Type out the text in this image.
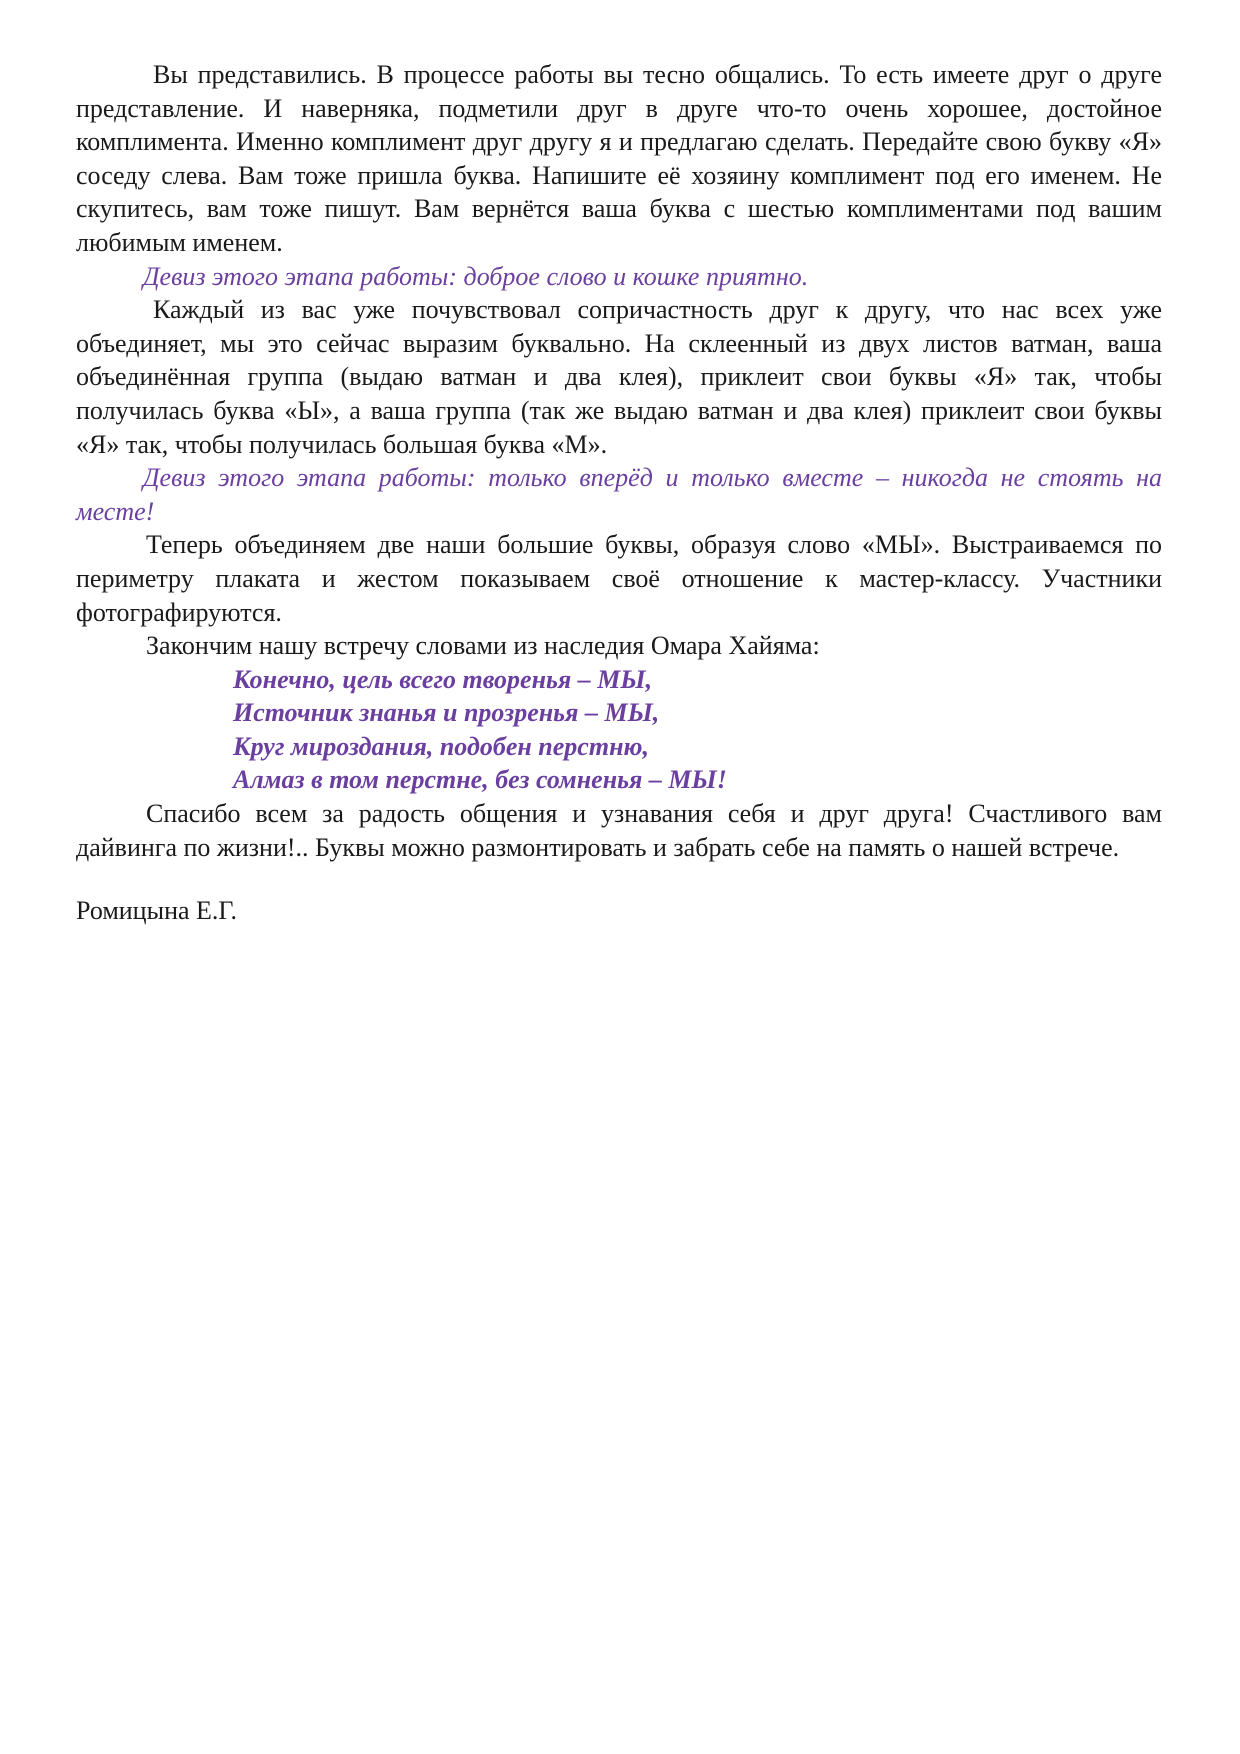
Вы представились. В процессе работы вы тесно общались. То есть имеете друг о друге представление. И наверняка, подметили друг в друге что-то очень хорошее, достойное комплимента. Именно комплимент друг другу я и предлагаю сделать. Передайте свою букву «Я» соседу слева. Вам тоже пришла буква. Напишите её хозяину комплимент под его именем. Не скупитесь, вам тоже пишут. Вам вернётся ваша буква с шестью комплиментами под вашим любимым именем.

Девиз этого этапа работы: доброе слово и кошке приятно.

Каждый из вас уже почувствовал сопричастность друг к другу, что нас всех уже объединяет, мы это сейчас выразим буквально. На склеенный из двух листов ватман, ваша объединённая группа (выдаю ватман и два клея), приклеит свои буквы «Я» так, чтобы получилась буква «Ы», а ваша группа (так же выдаю ватман и два клея) приклеит свои буквы «Я» так, чтобы получилась большая буква «М».

Девиз этого этапа работы: только вперёд и только вместе – никогда не стоять на месте!

Теперь объединяем две наши большие буквы, образуя слово «МЫ». Выстраиваемся по периметру плаката и жестом показываем своё отношение к мастер-классу. Участники фотографируются.

Закончим нашу встречу словами из наследия Омара Хайяма:

Конечно, цель всего творенья – МЫ,
Источник знанья и прозренья – МЫ,
Круг мироздания, подобен перстню,
Алмаз в том перстне, без сомненья – МЫ!

Спасибо всем за радость общения и узнавания себя и друг друга! Счастливого вам дайвинга по жизни!.. Буквы можно размонтировать и забрать себе на память о нашей встрече.

Ромицына Е.Г.
